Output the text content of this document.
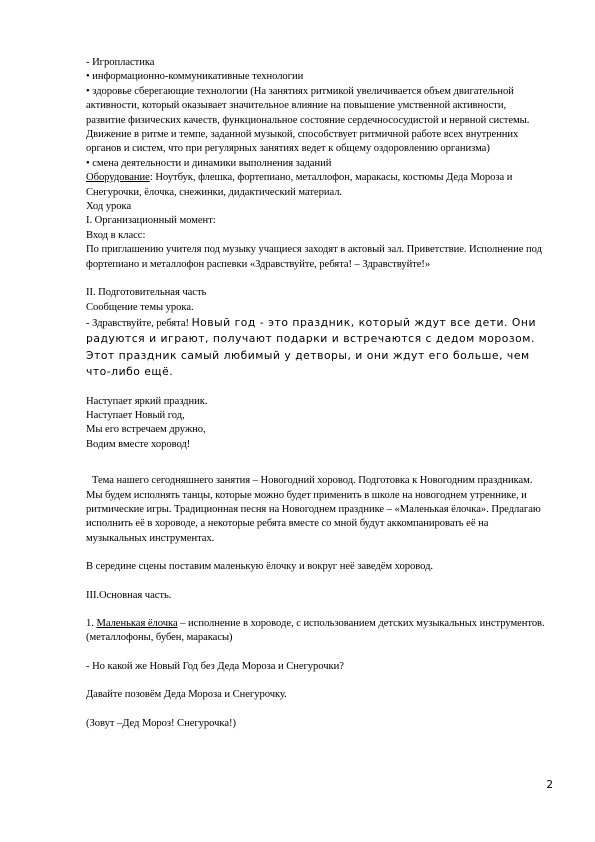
- Игропластика

• информационно-коммуникативные технологии

• здоровье сберегающие технологии (На занятиях ритмикой увеличивается объем двигательной активности, который оказывает значительное влияние на повышение умственной активности, развитие физических качеств, функциональное состояние сердечнососудистой и нервной системы. Движение в ритме и темпе, заданной музыкой, способствует ритмичной работе всех внутренних органов и систем, что при регулярных занятиях ведет к общему оздоровлению организма)

• смена деятельности и динамики выполнения заданий

Оборудование: Ноутбук, флешка, фортепиано, металлофон, маракасы, костюмы Деда Мороза и Снегурочки, ёлочка, снежинки, дидактический материал.

Ход урока

I. Организационный момент:

Вход в класс:

По приглашению учителя под музыку учащиеся заходят в актовый зал. Приветствие. Исполнение под фортепиано и металлофон распевки «Здравствуйте, ребята! – Здравствуйте!»

II. Подготовительная часть

Сообщение темы урока.

- Здравствуйте, ребята! Новый год - это праздник, который ждут все дети. Они радуются и играют, получают подарки и встречаются с дедом морозом. Этот праздник самый любимый у детворы, и они ждут его больше, чем что-либо ещё.

Наступает яркий праздник.

Наступает Новый год,

Мы его встречаем дружно,

Водим вместе хоровод!

Тема нашего сегодняшнего занятия – Новогодний хоровод. Подготовка к Новогодним праздникам. Мы будем исполнять танцы, которые можно будет применить в школе на новогоднем утреннике, и ритмические игры. Традиционная песня на Новогоднем празднике – «Маленькая ёлочка». Предлагаю исполнить её в хороводе, а некоторые ребята вместе со мной будут аккомпанировать её на музыкальных инструментах.

В середине сцены поставим маленькую ёлочку и вокруг неё заведём хоровод.

III.Основная часть.

1. Маленькая ёлочка – исполнение в хороводе, с использованием детских музыкальных инструментов. (металлофоны, бубен, маракасы)

- Но какой же Новый Год без Деда Мороза и Снегурочки?

Давайте позовём Деда Мороза и Снегурочку.

(Зовут –Дед Мороз! Снегурочка!)

2
